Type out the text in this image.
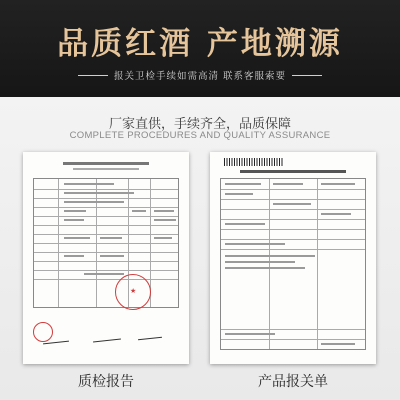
品质红酒 产地溯源
报关卫检手续如需高清 联系客服索要
厂家直供，手续齐全，品质保障
COMPLETE PROCEDURES AND QUALITY ASSURANCE
★
质检报告	产品报关单
